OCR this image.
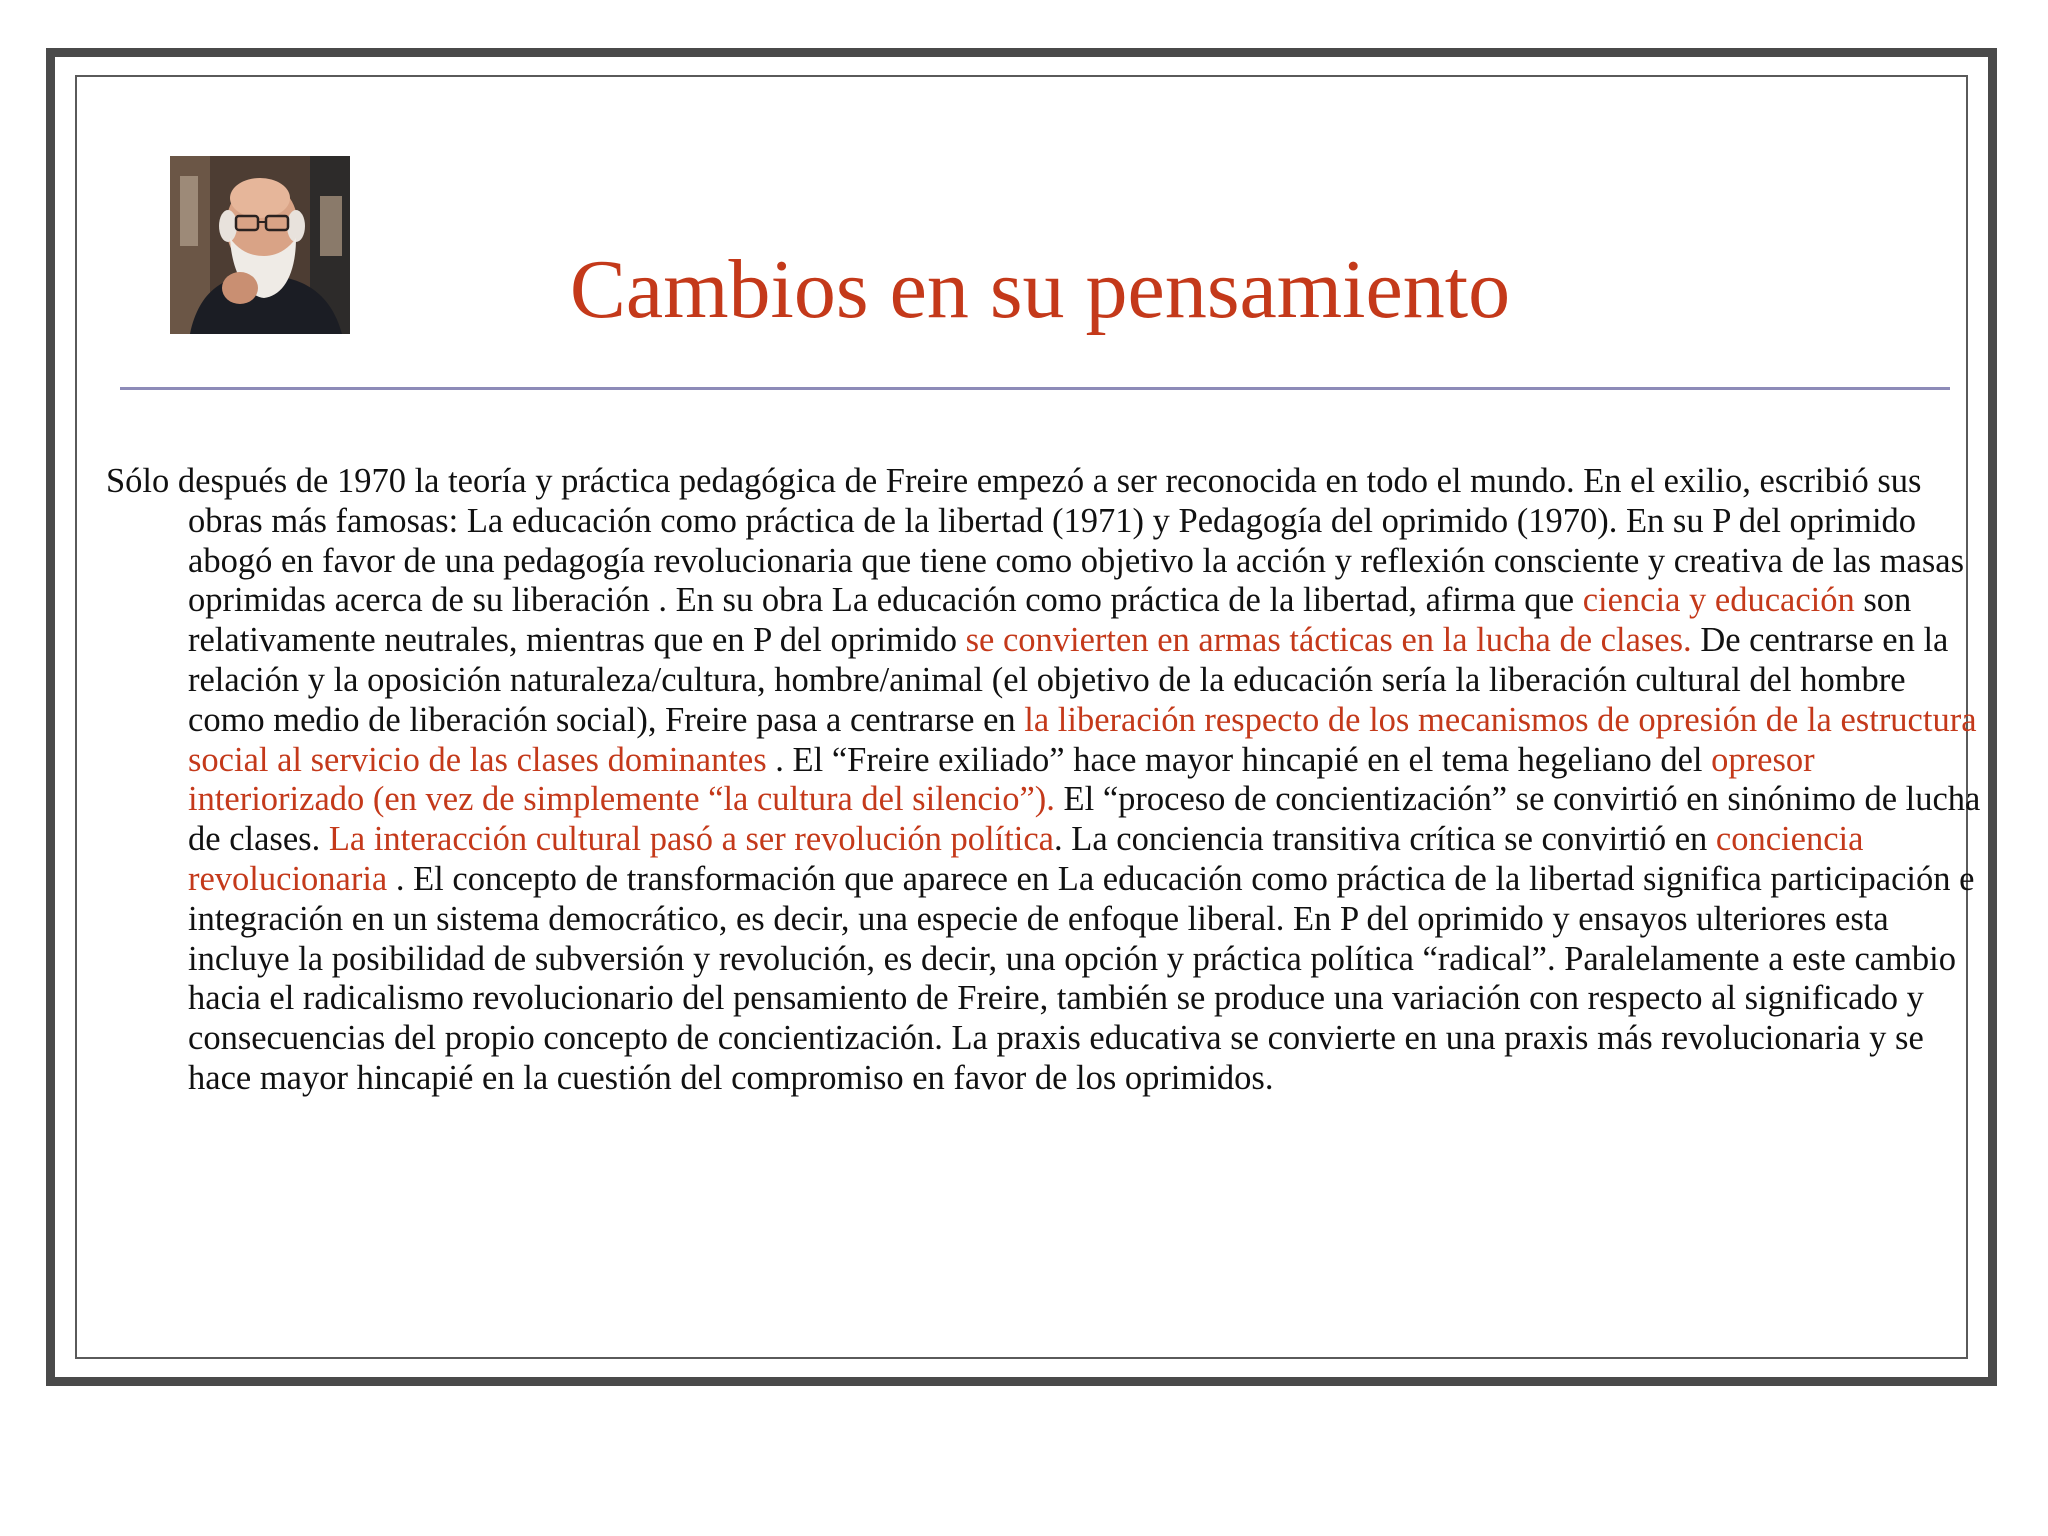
Cambios en su pensamiento

Sólo después de 1970 la teoría y práctica pedagógica de Freire empezó a ser reconocida en todo el mundo. En el exilio, escribió sus obras más famosas: La educación como práctica de la libertad (1971) y Pedagogía del oprimido (1970). En su P del oprimido abogó en favor de una pedagogía revolucionaria que tiene como objetivo la acción y reflexión consciente y creativa de las masas oprimidas acerca de su liberación . En su obra La educación como práctica de la libertad, afirma que ciencia y educación son relativamente neutrales, mientras que en P del oprimido se convierten en armas tácticas en la lucha de clases. De centrarse en la relación y la oposición naturaleza/cultura, hombre/animal (el objetivo de la educación sería la liberación cultural del hombre como medio de liberación social), Freire pasa a centrarse en la liberación respecto de los mecanismos de opresión de la estructura social al servicio de las clases dominantes . El “Freire exiliado” hace mayor hincapié en el tema hegeliano del opresor interiorizado (en vez de simplemente “la cultura del silencio”). El “proceso de concientización” se convirtió en sinónimo de lucha de clases. La interacción cultural pasó a ser revolución política. La conciencia transitiva crítica se convirtió en conciencia revolucionaria . El concepto de transformación que aparece en La educación como práctica de la libertad significa participación e integración en un sistema democrático, es decir, una especie de enfoque liberal. En P del oprimido y ensayos ulteriores esta incluye la posibilidad de subversión y revolución, es decir, una opción y práctica política “radical”. Paralelamente a este cambio hacia el radicalismo revolucionario del pensamiento de Freire, también se produce una variación con respecto al significado y consecuencias del propio concepto de concientización. La praxis educativa se convierte en una praxis más revolucionaria y se hace mayor hincapié en la cuestión del compromiso en favor de los oprimidos.
